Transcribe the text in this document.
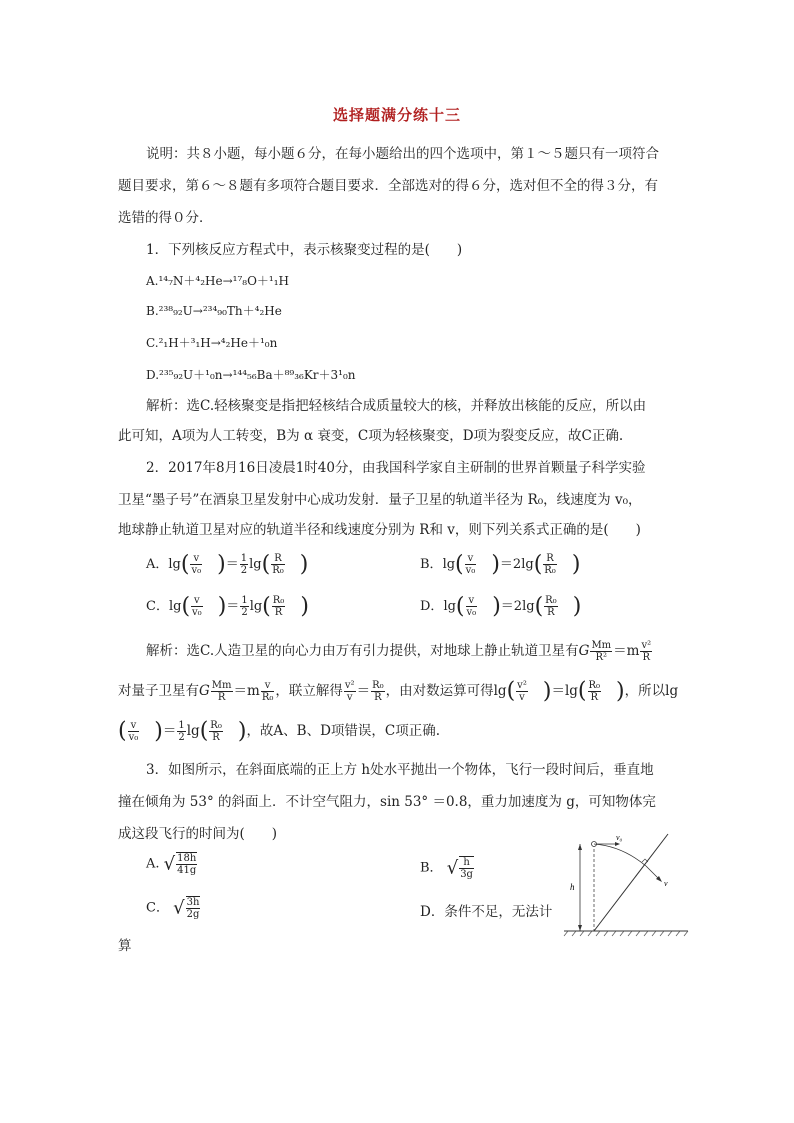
选择题满分练十三
说明：共８小题，每小题６分，在每小题给出的四个选项中，第１～５题只有一项符合
题目要求，第６～８题有多项符合题目要求．全部选对的得６分，选对但不全的得３分，有
选错的得０分．
1．下列核反应方程式中，表示核聚变过程的是(　　)
A.¹⁴₇N＋⁴₂He→¹⁷₈O＋¹₁H
B.²³⁸₉₂U→²³⁴₉₀Th＋⁴₂He
C.²₁H＋³₁H→⁴₂He＋¹₀n
D.²³⁵₉₂U＋¹₀n→¹⁴⁴₅₆Ba＋⁸⁹₃₆Kr＋3¹₀n
解析：选C.轻核聚变是指把轻核结合成质量较大的核，并释放出核能的反应，所以由
此可知，A项为人工转变，B为 α 衰变，C项为轻核聚变，D项为裂变反应，故C正确.
2．2017年8月16日凌晨1时40分，由我国科学家自主研制的世界首颗量子科学实验
卫星“墨子号”在酒泉卫星发射中心成功发射．量子卫星的轨道半径为 R₀，线速度为 v₀，
地球静止轨道卫星对应的轨道半径和线速度分别为 R和 v，则下列关系式正确的是(　　)
A．$\lg( \frac{v}{\text{v₀}}$ )＝ $\frac{1}{2} \lg( \frac{R}{\text{R₀}}$ )	B．$\lg( \frac{v}{\text{v₀}} )=2\lg( \frac{R}{\text{R₀}}$ )
C．$\lg( \frac{v}{\text{v₀}}$ )＝ $\frac{1}{2} \lg( \frac{\text{R₀}}{R}$ )	D．$\lg( \frac{v}{\text{v₀}} )=2\lg( \frac{\text{R₀}}{R}$ )
解析：选C.人造卫星的向心力由万有引力提供，对地球上静止轨道卫星有G $\frac{Mm}{\text{R²}} =m \frac{\text{v²}}{R}$
对量子卫星有G $\frac{Mm}{R} =m \frac{v}{\text{R₀}}$ ，联立解得 $\frac{\text{v²}}{v} = \frac{\text{R₀}}{R}$ ，由对数运算可得$\lg( \frac{\text{v²}}{v} )=\lg( \frac{\text{R₀}}{R}$ )，所以lg
( $\frac{v}{\text{v₀}}$ )＝ $\frac{1}{2} \lg( \frac{\text{R₀}}{R}$ )，故A、B、D项错误，C项正确.
3．如图所示，在斜面底端的正上方 h处水平抛出一个物体，飞行一段时间后，垂直地
撞在倾角为 53° 的斜面上．不计空气阻力，sin 53° ＝0.8，重力加速度为 g，可知物体完
成这段飞行的时间为(　　)
A. √ $\frac{18h}{41g}$	B． √ $\frac{h}{3g}$
C． √ $\frac{3h}{2g}$	D．条件不足，无法计
算
h
v₀
v
